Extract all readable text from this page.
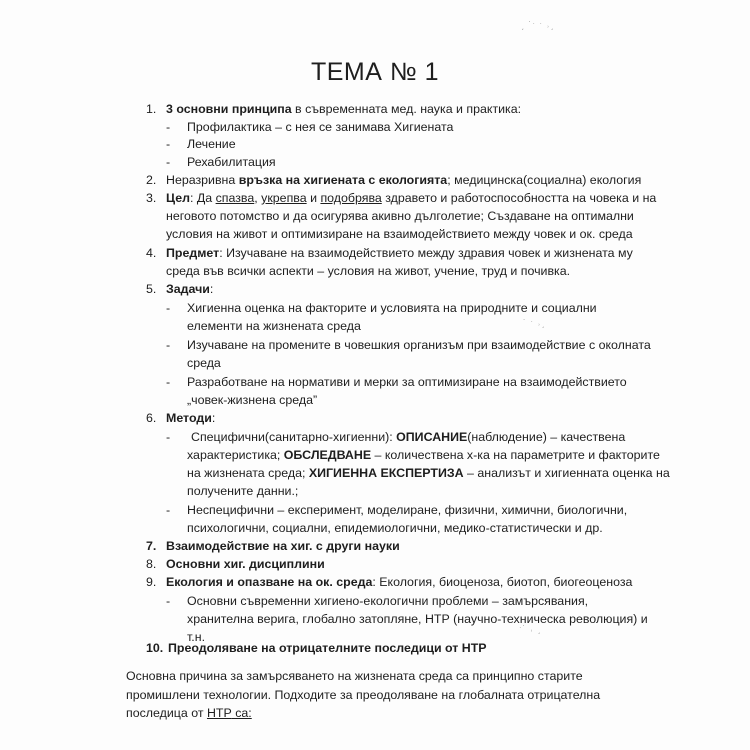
ˏ ˙ˑ ˑ ˒ˏ
ТЕМА № 1
1. 3 основни принципа в съвременната мед. наука и практика:
- Профилактика – с нея се занимава Хигиената
- Лечение
- Рехабилитация
2. Неразривна връзка на хигиената с екологията; медицинска(социална) екология
3. Цел: Да спазва, укрепва и подобрява здравето и работоспособността на човека и на
неговото потомство и да осигурява акивно дълголетие; Създаване на оптимални
условия на живот и оптимизиране на взаимодействието между човек и ок. среда
4. Предмет: Изучаване на взаимодействието между здравия човек и жизнената му
среда във всички аспекти – условия на живот, учение, труд и почивка.
5. Задачи:
- Хигиенна оценка на факторите и условията на природните и социални
елементи на жизнената среда	˙ ˑ ˒ˏ
- Изучаване на промените в човешкия организъм при взаимодействие с околната
среда
- Разработване на нормативи и мерки за оптимизиране на взаимодействието
„човек-жизнена среда”
6. Методи:
- Специфични(санитарно-хигиенни): ОПИСАНИЕ(наблюдение) – качествена
характеристика; ОБСЛЕДВАНЕ – количествена х-ка на параметрите и факторите
на жизнената среда; ХИГИЕННА ЕКСПЕРТИЗА – анализът и хигиенната оценка на
получените данни.;
- Неспецифични – експеримент, моделиране, физични, химични, биологични,
психологични, социални, епидемиологични, медико-статистически и др.
7. Взаимодействие на хиг. с други науки
8. Основни хиг. дисциплини
9. Екология и опазване на ок. среда: Екология, биоценоза, биотоп, биогеоценоза
- Основни съвременни хигиено-екологични проблеми – замърсявания,
хранителна верига, глобално затопляне, НТР (научно-техническа революция) и
т.н.
ˑ˙ ˒ ˏ
10. Преодоляване на отрицателните последици от НТР
Основна причина за замърсяването на жизнената среда са принципно старите
промишлени технологии. Подходите за преодоляване на глобалната отрицателна
последица от НТР са:
